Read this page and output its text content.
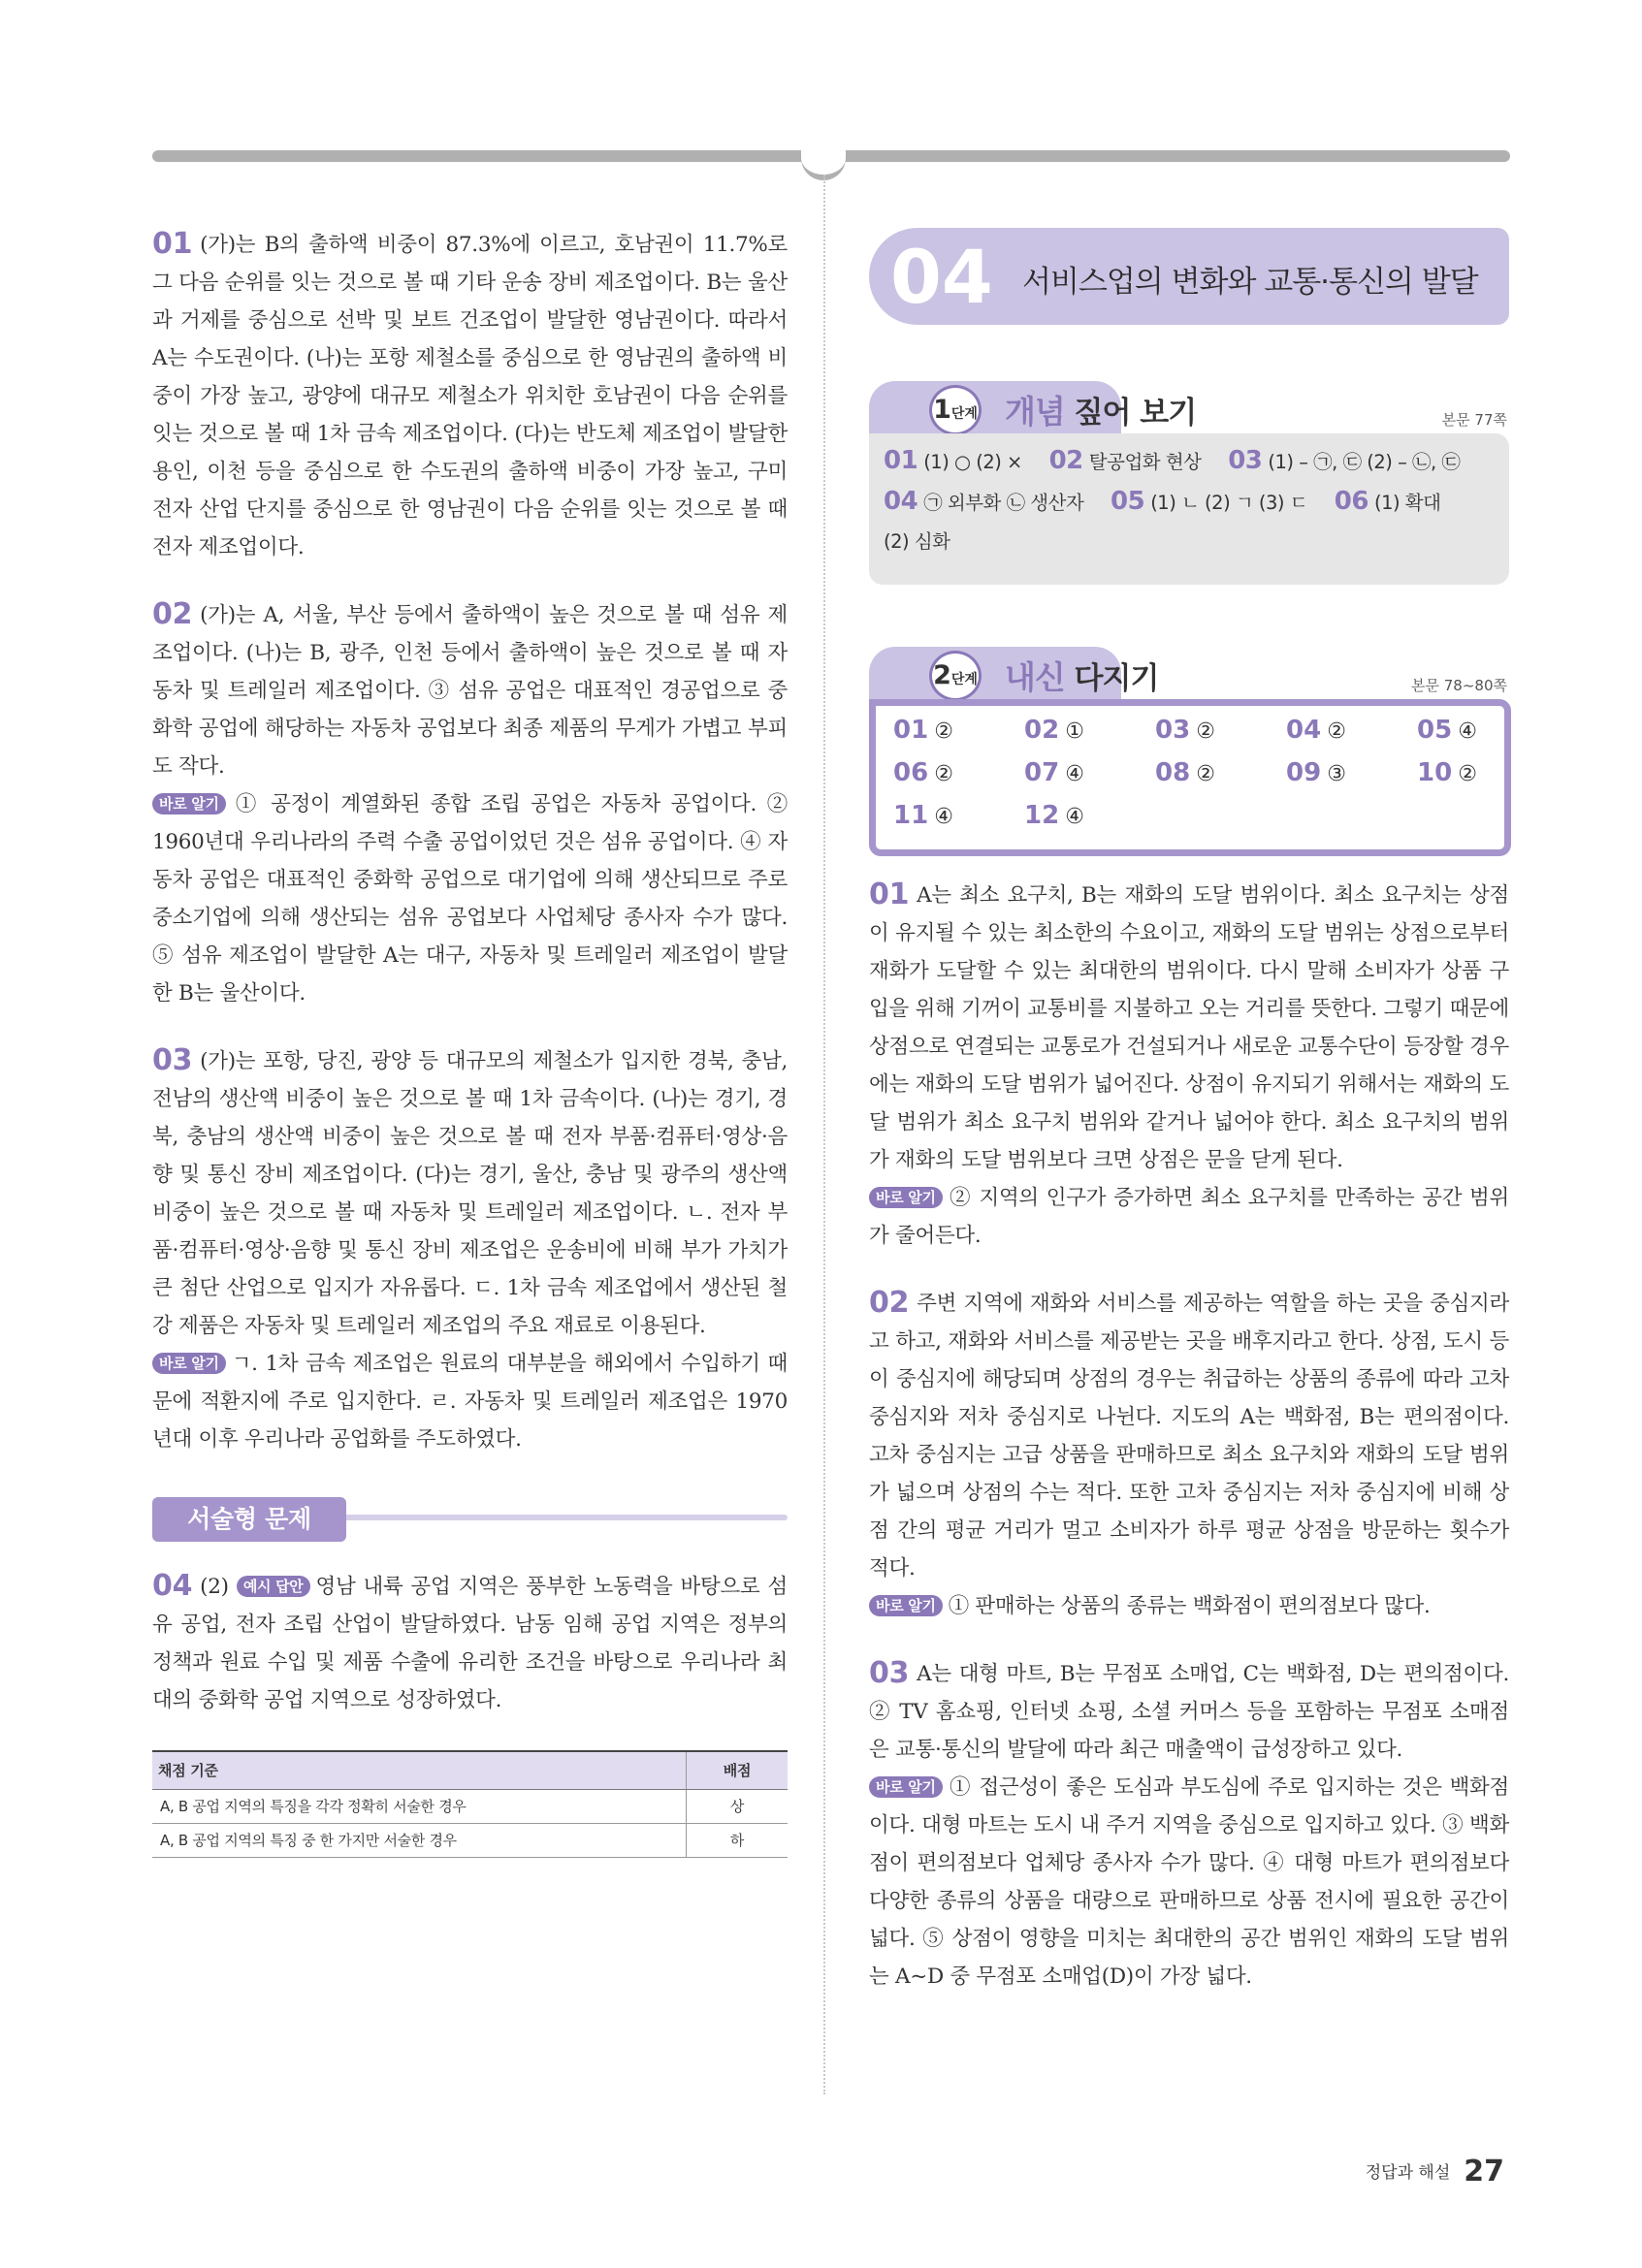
01 (가)는 B의 출하액 비중이 87.3%에 이르고, 호남권이 11.7%로 그 다음 순위를 잇는 것으로 볼 때 기타 운송 장비 제조업이다. B는 울산과 거제를 중심으로 선박 및 보트 건조업이 발달한 영남권이다. 따라서 A는 수도권이다. (나)는 포항 제철소를 중심으로 한 영남권의 출하액 비중이 가장 높고, 광양에 대규모 제철소가 위치한 호남권이 다음 순위를 잇는 것으로 볼 때 1차 금속 제조업이다. (다)는 반도체 제조업이 발달한 용인, 이천 등을 중심으로 한 수도권의 출하액 비중이 가장 높고, 구미 전자 산업 단지를 중심으로 한 영남권이 다음 순위를 잇는 것으로 볼 때 전자 제조업이다.
02 (가)는 A, 서울, 부산 등에서 출하액이 높은 것으로 볼 때 섬유 제조업이다. (나)는 B, 광주, 인천 등에서 출하액이 높은 것으로 볼 때 자동차 및 트레일러 제조업이다. ③ 섬유 공업은 대표적인 경공업으로 중화학 공업에 해당하는 자동차 공업보다 최종 제품의 무게가 가볍고 부피도 작다.
바로 알기 ① 공정이 계열화된 종합 조립 공업은 자동차 공업이다. ② 1960년대 우리나라의 주력 수출 공업이었던 것은 섬유 공업이다. ④ 자동차 공업은 대표적인 중화학 공업으로 대기업에 의해 생산되므로 주로 중소기업에 의해 생산되는 섬유 공업보다 사업체당 종사자 수가 많다. ⑤ 섬유 제조업이 발달한 A는 대구, 자동차 및 트레일러 제조업이 발달한 B는 울산이다.
03 (가)는 포항, 당진, 광양 등 대규모의 제철소가 입지한 경북, 충남, 전남의 생산액 비중이 높은 것으로 볼 때 1차 금속이다. (나)는 경기, 경북, 충남의 생산액 비중이 높은 것으로 볼 때 전자 부품·컴퓨터·영상·음향 및 통신 장비 제조업이다. (다)는 경기, 울산, 충남 및 광주의 생산액 비중이 높은 것으로 볼 때 자동차 및 트레일러 제조업이다. ㄴ. 전자 부품·컴퓨터·영상·음향 및 통신 장비 제조업은 운송비에 비해 부가 가치가 큰 첨단 산업으로 입지가 자유롭다. ㄷ. 1차 금속 제조업에서 생산된 철강 제품은 자동차 및 트레일러 제조업의 주요 재료로 이용된다.
바로 알기 ㄱ. 1차 금속 제조업은 원료의 대부분을 해외에서 수입하기 때문에 적환지에 주로 입지한다. ㄹ. 자동차 및 트레일러 제조업은 1970년대 이후 우리나라 공업화를 주도하였다.
서술형 문제
04 (2) 예시 답안 영남 내륙 공업 지역은 풍부한 노동력을 바탕으로 섬유 공업, 전자 조립 산업이 발달하였다. 남동 임해 공업 지역은 정부의 정책과 원료 수입 및 제품 수출에 유리한 조건을 바탕으로 우리나라 최대의 중화학 공업 지역으로 성장하였다.
채점 기준	배점
A, B 공업 지역의 특징을 각각 정확히 서술한 경우	상
A, B 공업 지역의 특징 중 한 가지만 서술한 경우	하
04 서비스업의 변화와 교통·통신의 발달
1단계 개념 짚어 보기	본문 77쪽
01 (1) ○ (2) × 02 탈공업화 현상 03 (1) – ㉠, ㉢ (2) – ㉡, ㉢
04 ㉠ 외부화 ㉡ 생산자 05 (1) ㄴ (2) ㄱ (3) ㄷ 06 (1) 확대
(2) 심화
2단계 내신 다지기	본문 78~80쪽
01 ②	02 ①	03 ②	04 ②	05 ④
06 ②	07 ④	08 ②	09 ③	10 ②
11 ④	12 ④
01 A는 최소 요구치, B는 재화의 도달 범위이다. 최소 요구치는 상점이 유지될 수 있는 최소한의 수요이고, 재화의 도달 범위는 상점으로부터 재화가 도달할 수 있는 최대한의 범위이다. 다시 말해 소비자가 상품 구입을 위해 기꺼이 교통비를 지불하고 오는 거리를 뜻한다. 그렇기 때문에 상점으로 연결되는 교통로가 건설되거나 새로운 교통수단이 등장할 경우에는 재화의 도달 범위가 넓어진다. 상점이 유지되기 위해서는 재화의 도달 범위가 최소 요구치 범위와 같거나 넓어야 한다. 최소 요구치의 범위가 재화의 도달 범위보다 크면 상점은 문을 닫게 된다.
바로 알기 ② 지역의 인구가 증가하면 최소 요구치를 만족하는 공간 범위가 줄어든다.
02 주변 지역에 재화와 서비스를 제공하는 역할을 하는 곳을 중심지라고 하고, 재화와 서비스를 제공받는 곳을 배후지라고 한다. 상점, 도시 등이 중심지에 해당되며 상점의 경우는 취급하는 상품의 종류에 따라 고차 중심지와 저차 중심지로 나뉜다. 지도의 A는 백화점, B는 편의점이다. 고차 중심지는 고급 상품을 판매하므로 최소 요구치와 재화의 도달 범위가 넓으며 상점의 수는 적다. 또한 고차 중심지는 저차 중심지에 비해 상점 간의 평균 거리가 멀고 소비자가 하루 평균 상점을 방문하는 횟수가 적다.
바로 알기 ① 판매하는 상품의 종류는 백화점이 편의점보다 많다.
03 A는 대형 마트, B는 무점포 소매업, C는 백화점, D는 편의점이다. ② TV 홈쇼핑, 인터넷 쇼핑, 소셜 커머스 등을 포함하는 무점포 소매점은 교통·통신의 발달에 따라 최근 매출액이 급성장하고 있다.
바로 알기 ① 접근성이 좋은 도심과 부도심에 주로 입지하는 것은 백화점이다. 대형 마트는 도시 내 주거 지역을 중심으로 입지하고 있다. ③ 백화점이 편의점보다 업체당 종사자 수가 많다. ④ 대형 마트가 편의점보다 다양한 종류의 상품을 대량으로 판매하므로 상품 전시에 필요한 공간이 넓다. ⑤ 상점이 영향을 미치는 최대한의 공간 범위인 재화의 도달 범위는 A~D 중 무점포 소매업(D)이 가장 넓다.
정답과 해설 27
